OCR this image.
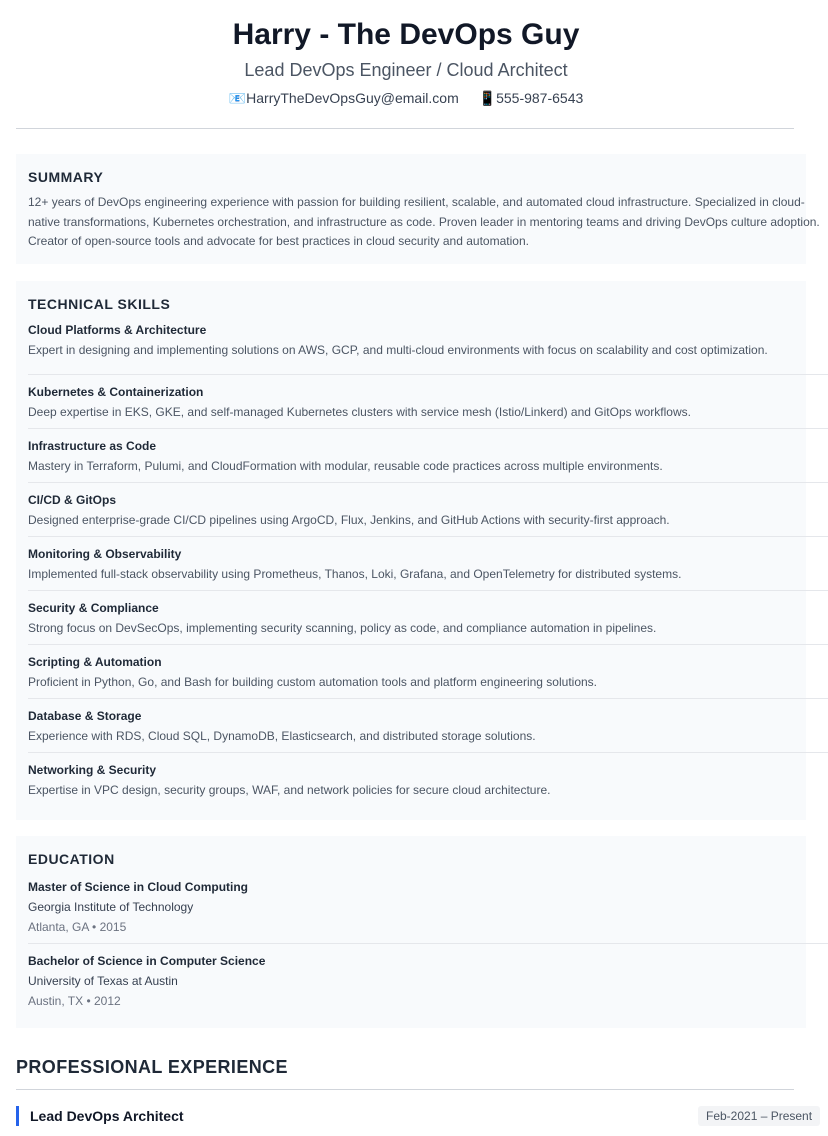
Harry - The DevOps Guy
Lead DevOps Engineer / Cloud Architect
📧HarryTheDevOpsGuy@email.com 📱555-987-6543
SUMMARY
12+ years of DevOps engineering experience with passion for building resilient, scalable, and automated cloud infrastructure. Specialized in cloud-native transformations, Kubernetes orchestration, and infrastructure as code. Proven leader in mentoring teams and driving DevOps culture adoption. Creator of open-source tools and advocate for best practices in cloud security and automation.
TECHNICAL SKILLS
Cloud Platforms & Architecture
Expert in designing and implementing solutions on AWS, GCP, and multi-cloud environments with focus on scalability and cost optimization.
Kubernetes & Containerization
Deep expertise in EKS, GKE, and self-managed Kubernetes clusters with service mesh (Istio/Linkerd) and GitOps workflows.
Infrastructure as Code
Mastery in Terraform, Pulumi, and CloudFormation with modular, reusable code practices across multiple environments.
CI/CD & GitOps
Designed enterprise-grade CI/CD pipelines using ArgoCD, Flux, Jenkins, and GitHub Actions with security-first approach.
Monitoring & Observability
Implemented full-stack observability using Prometheus, Thanos, Loki, Grafana, and OpenTelemetry for distributed systems.
Security & Compliance
Strong focus on DevSecOps, implementing security scanning, policy as code, and compliance automation in pipelines.
Scripting & Automation
Proficient in Python, Go, and Bash for building custom automation tools and platform engineering solutions.
Database & Storage
Experience with RDS, Cloud SQL, DynamoDB, Elasticsearch, and distributed storage solutions.
Networking & Security
Expertise in VPC design, security groups, WAF, and network policies for secure cloud architecture.
EDUCATION
Master of Science in Cloud Computing
Georgia Institute of Technology
Atlanta, GA • 2015
Bachelor of Science in Computer Science
University of Texas at Austin
Austin, TX • 2012
PROFESSIONAL EXPERIENCE
Lead DevOps Architect	Feb-2021 – Present
